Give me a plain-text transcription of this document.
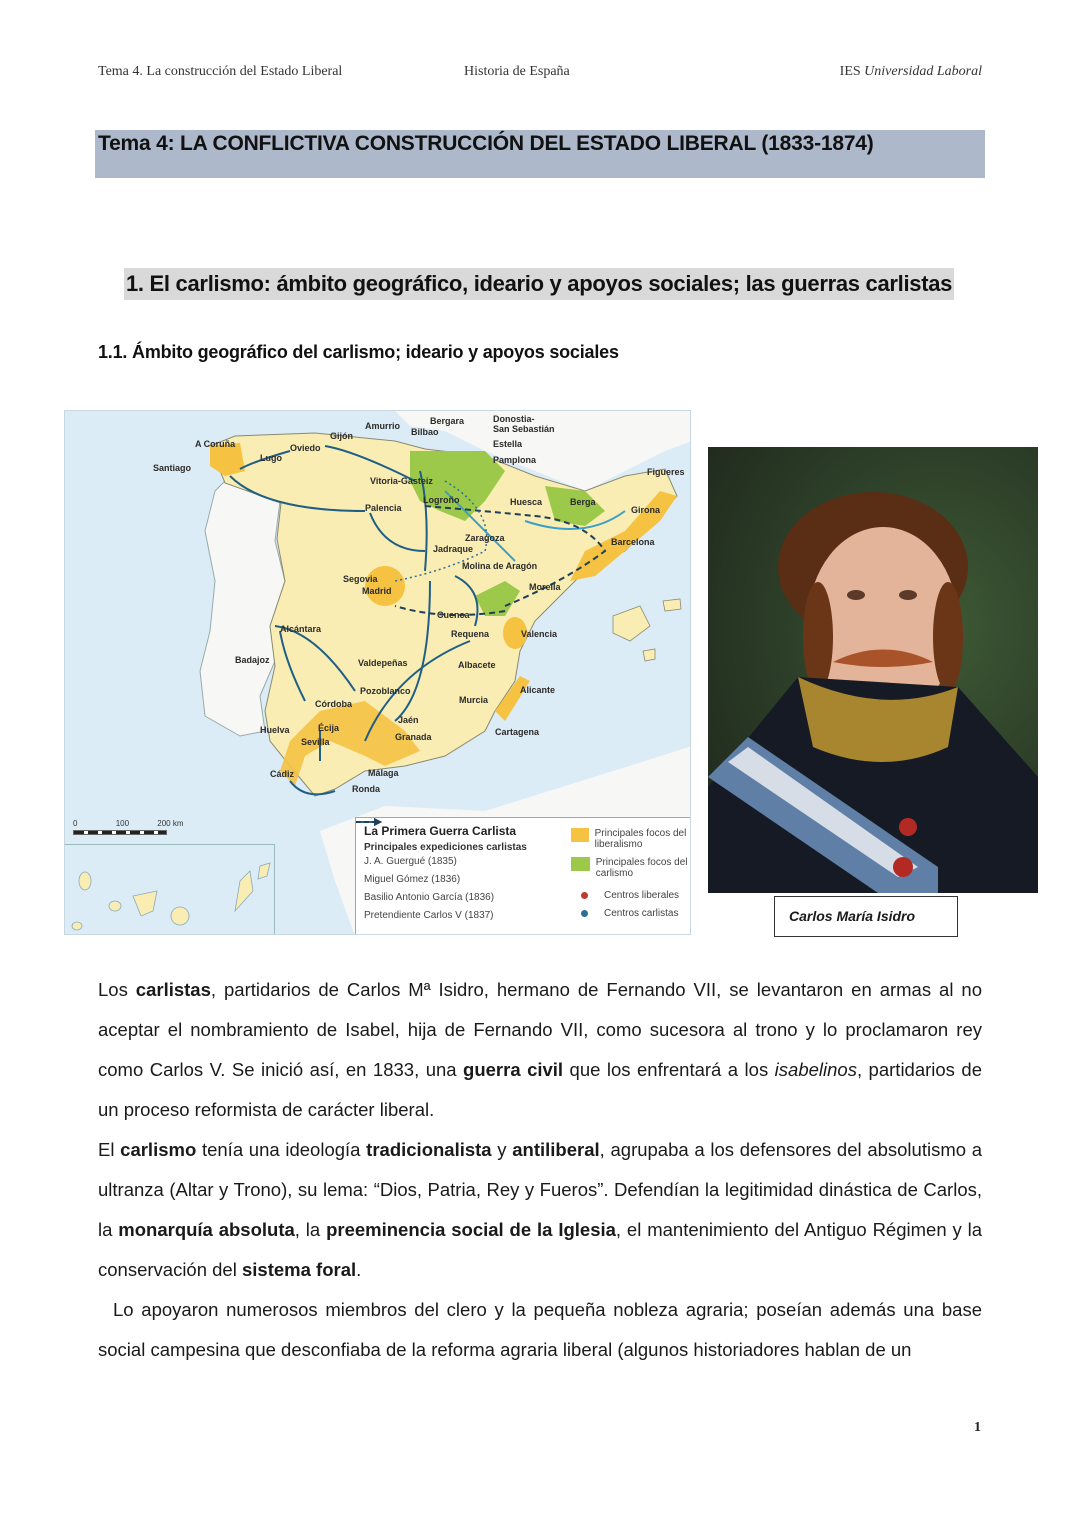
Tema 4. La construcción del Estado Liberal	Historia de España	IES Universidad Laboral
Tema 4: LA CONFLICTIVA CONSTRUCCIÓN DEL ESTADO LIBERAL (1833-1874)
1. El carlismo: ámbito geográfico, ideario y apoyos sociales; las guerras carlistas
1.1. Ámbito geográfico del carlismo; ideario y apoyos sociales
0	100	200 km
A Coruña
Santiago
Lugo
Oviedo
Gijón
Amurrio
Bilbao
Bergara	Donostia-
San Sebastián
Estella
Pamplona
Vitoria-Gasteiz
Logroño	Huesca	Berga
Figueres
Girona
Barcelona
Palencia
Zaragoza
Jadraque
Molina de Aragón
Segovia
Madrid	Morella
Cuenca
Requena	Valencia
Alcántara
Badajoz	Valdepeñas	Albacete
Pozoblanco	Alicante
Córdoba
Écija
Jaén
Murcia
Huelva
Sevilla	Granada	Cartagena
Cádiz	Málaga
Ronda
La Primera Guerra Carlista
Principales expediciones carlistas
J. A. Guergué (1835)
Miguel Gómez (1836)
Basilio Antonio García (1836)
Pretendiente Carlos V (1837)
Principales focos del liberalismo
Principales focos del carlismo
Centros liberales
Centros carlistas	Carlos María Isidro

Los carlistas, partidarios de Carlos Mª Isidro, hermano de Fernando VII, se levantaron en armas al no aceptar el nombramiento de Isabel, hija de Fernando VII, como sucesora al trono y lo proclamaron rey como Carlos V. Se inició así, en 1833, una guerra civil que los enfrentará a los isabelinos, partidarios de un proceso reformista de carácter liberal.

El carlismo tenía una ideología tradicionalista y antiliberal, agrupaba a los defensores del absolutismo a ultranza (Altar y Trono), su lema: “Dios, Patria, Rey y Fueros”. Defendían la legitimidad dinástica de Carlos, la monarquía absoluta, la preeminencia social de la Iglesia, el mantenimiento del Antiguo Régimen y la conservación del sistema foral.

Lo apoyaron numerosos miembros del clero y la pequeña nobleza agraria; poseían además una base social campesina que desconfiaba de la reforma agraria liberal (algunos historiadores hablan de un

1
